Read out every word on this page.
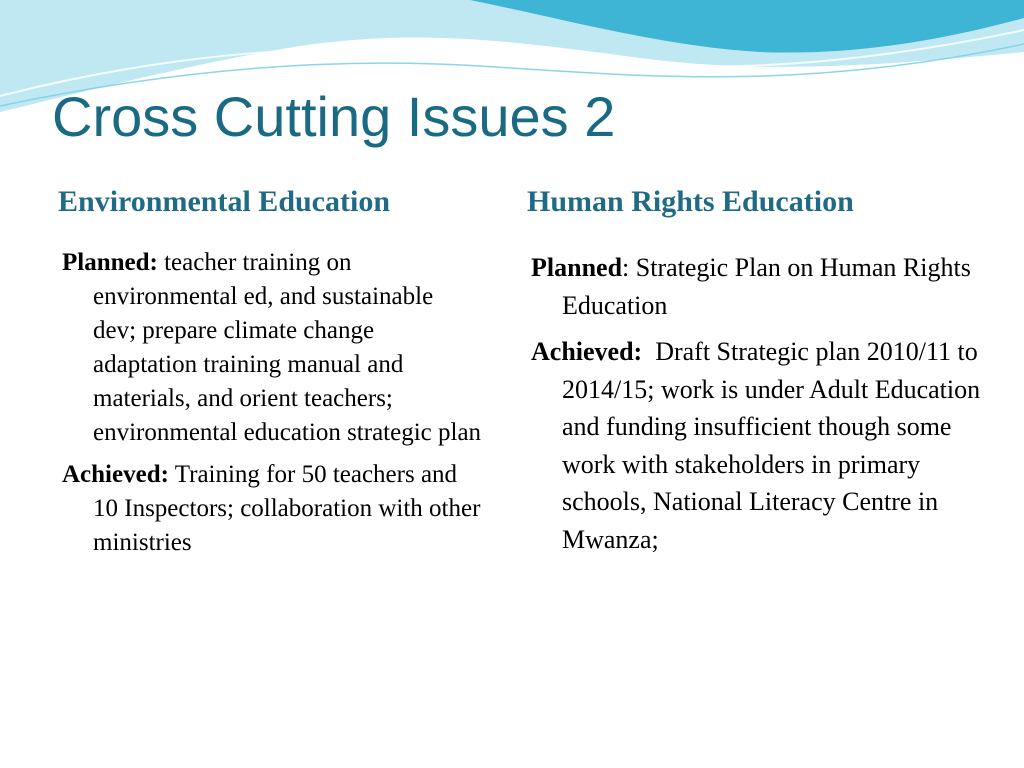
Cross Cutting Issues 2
Environmental Education	Human Rights Education

Planned: teacher training on environmental ed, and sustainable dev; prepare climate change adaptation training manual and materials, and orient teachers; environmental education strategic plan

Achieved: Training for 50 teachers and 10 Inspectors; collaboration with other ministries

Planned: Strategic Plan on Human Rights Education

Achieved:  Draft Strategic plan 2010/11 to 2014/15; work is under Adult Education and funding insufficient though some work with stakeholders in primary schools, National Literacy Centre in Mwanza;
